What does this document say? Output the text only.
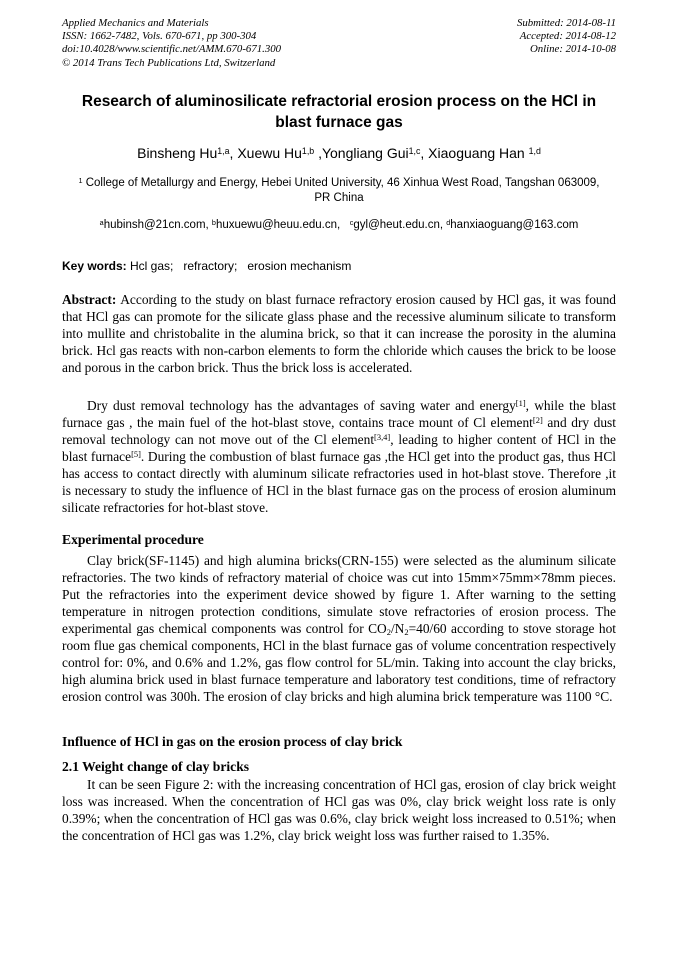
Applied Mechanics and Materials
ISSN: 1662-7482, Vols. 670-671, pp 300-304
doi:10.4028/www.scientific.net/AMM.670-671.300
© 2014 Trans Tech Publications Ltd, Switzerland
Submitted: 2014-08-11
Accepted: 2014-08-12
Online: 2014-10-08
Research of aluminosilicate refractorial erosion process on the HCl in blast furnace gas
Binsheng Hu$^{1,a}$, Xuewu Hu$^{1,b}$ ,Yongliang Gui$^{1,c}$, Xiaoguang Han $^{1,d}$
$^1$ College of Metallurgy and Energy, Hebei United University, 46 Xinhua West Road, Tangshan 063009, PR China
$^a$hubinsh@21cn.com, $^b$huxuewu@heuu.edu.cn,   $^c$gyl@heut.edu.cn, $^d$hanxiaoguang@163.com
Key words: Hcl gas;   refractory;   erosion mechanism
Abstract: According to the study on blast furnace refractory erosion caused by HCl gas, it was found that HCl gas can promote for the silicate glass phase and the recessive aluminum silicate to transform into mullite and christobalite in the alumina brick, so that it can increase the porosity in the alumina brick. Hcl gas reacts with non-carbon elements to form the chloride which causes the brick to be loose and porous in the carbon brick. Thus the brick loss is accelerated.
Dry dust removal technology has the advantages of saving water and energy[1], while the blast furnace gas , the main fuel of the hot-blast stove, contains trace mount of Cl element[2] and dry dust removal technology can not move out of the Cl element[3,4], leading to higher content of HCl in the blast furnace[5]. During the combustion of blast furnace gas ,the HCl get into the product gas, thus HCl has access to contact directly with aluminum silicate refractories used in hot-blast stove. Therefore ,it is necessary to study the influence of HCl in the blast furnace gas on the process of erosion aluminum silicate refractories for hot-blast stove.
Experimental procedure
Clay brick(SF-1145) and high alumina bricks(CRN-155) were selected as the aluminum silicate refractories. The two kinds of refractory material of choice was cut into 15mm×75mm×78mm pieces. Put the refractories into the experiment device showed by figure 1. After warning to the setting temperature in nitrogen protection conditions, simulate stove refractories of erosion process. The experimental gas chemical components was control for $CO_2/N_2=40/60$ according to stove storage hot room flue gas chemical components, HCl in the blast furnace gas of volume concentration respectively control for: 0%, and 0.6% and 1.2%, gas flow control for 5L/min. Taking into account the clay bricks, high alumina brick used in blast furnace temperature and laboratory test conditions, time of refractory erosion control was 300h. The erosion of clay bricks and high alumina brick temperature was 1100 °C.
Influence of HCl in gas on the erosion process of clay brick
2.1 Weight change of clay bricks
It can be seen Figure 2: with the increasing concentration of HCl gas, erosion of clay brick weight loss was increased. When the concentration of HCl gas was 0%, clay brick weight loss rate is only 0.39%; when the concentration of HCl gas was 0.6%, clay brick weight loss increased to 0.51%; when the concentration of HCl gas was 1.2%, clay brick weight loss was further raised to 1.35%.
